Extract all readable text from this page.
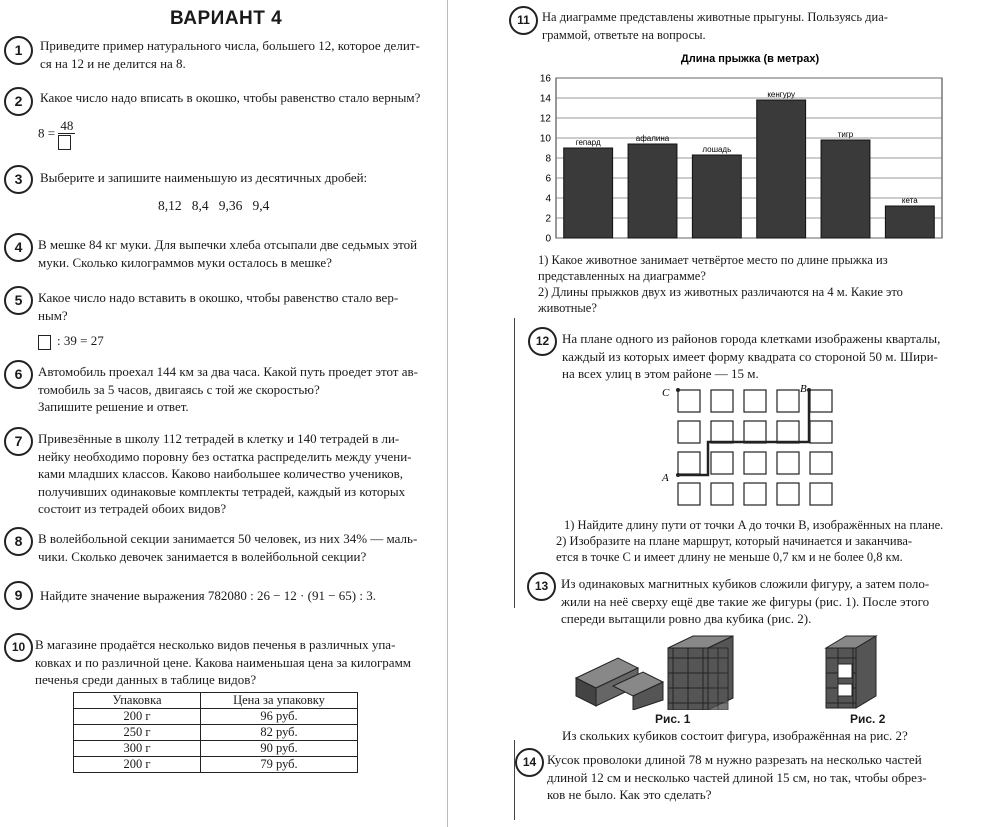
ВАРИАНТ 4
1	Приведите пример натурального числа, большего 12, которое делит-
ся на 12 и не делится на 8.
2	Какое число надо вписать в окошко, чтобы равенство стало верным?
8 = 48
3	Выберите и запишите наименьшую из десятичных дробей:
8,12   8,4   9,36   9,4
4	В мешке 84 кг муки. Для выпечки хлеба отсыпали две седьмых этой
муки. Сколько килограммов муки осталось в мешке?
5	Какое число надо вставить в окошко, чтобы равенство стало вер-
ным?
: 39 = 27
6	Автомобиль проехал 144 км за два часа. Какой путь проедет этот ав-
томобиль за 5 часов, двигаясь с той же скоростью?
Запишите решение и ответ.
7	Привезённые в школу 112 тетрадей в клетку и 140 тетрадей в ли-
нейку необходимо поровну без остатка распределить между учени-
ками младших классов. Каково наибольшее количество учеников,
получивших одинаковые комплекты тетрадей, каждый из которых
состоит из тетрадей обоих видов?
8	В волейбольной секции занимается 50 человек, из них 34% — маль-
чики. Сколько девочек занимается в волейбольной секции?
9	Найдите значение выражения 782080 : 26 − 12 · (91 − 65) : 3.
10 В магазине продаётся несколько видов печенья в различных упа-
ковках и по различной цене. Какова наименьшая цена за килограмм
печенья среди данных в таблице видов?
Упаковка	Цена за упаковку
200 г	96 руб.
250 г	82 руб.
300 г	90 руб.
200 г	79 руб.
11 На диаграмме представлены животные прыгуны. Пользуясь диа-
граммой, ответьте на вопросы.
Длина прыжка (в метрах)
0
2
4
6
8
10
12
14
16
гепард	афалина
лошадь
кенгуру
тигр
кета
1) Какое животное занимает четвёртое место по длине прыжка из
представленных на диаграмме?
2) Длины прыжков двух из животных различаются на 4 м. Какие это
животные?
12 На плане одного из районов города клетками изображены кварталы,
каждый из которых имеет форму квадрата со стороной 50 м. Шири-
на всех улиц в этом районе — 15 м.
C	B
A
1) Найдите длину пути от точки A до точки B, изображённых на плане.
2) Изобразите на плане маршрут, который начинается и заканчива-
ется в точке C и имеет длину не меньше 0,7 км и не более 0,8 км.
13 Из одинаковых магнитных кубиков сложили фигуру, а затем поло-
жили на неё сверху ещё две такие же фигуры (рис. 1). После этого
спереди вытащили ровно два кубика (рис. 2).
Рис. 1	Рис. 2
Из скольких кубиков состоит фигура, изображённая на рис. 2?
14 Кусок проволоки длиной 78 м нужно разрезать на несколько частей
длиной 12 см и несколько частей длиной 15 см, но так, чтобы обрез-
ков не было. Как это сделать?
